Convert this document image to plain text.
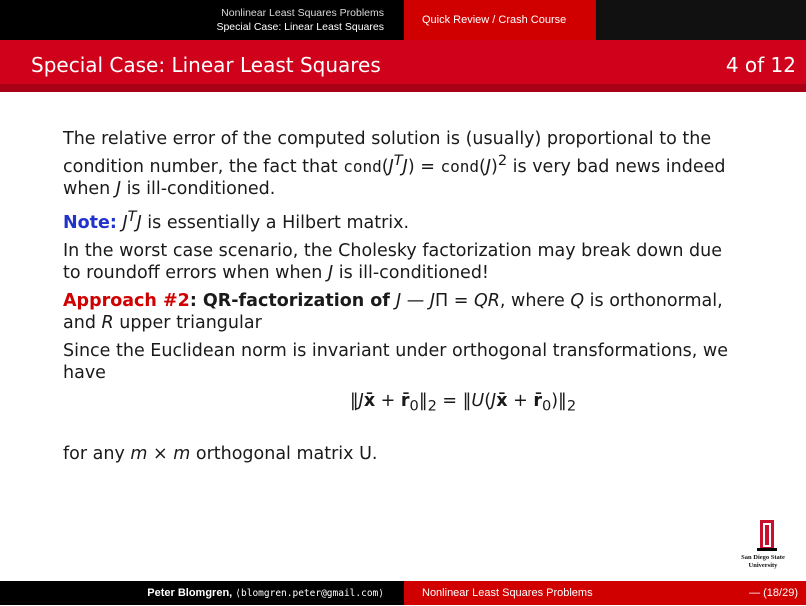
Nonlinear Least Squares Problems
Special Case: Linear Least Squares
Quick Review / Crash Course
Special Case: Linear Least Squares	4 of 12

The relative error of the computed solution is (usually) proportional to the condition number, the fact that $cond(J^TJ)$ = $cond(J)^2$ is very bad news indeed when J is ill-conditioned.

Note: $J^TJ$ is essentially a Hilbert matrix.

In the worst case scenario, the Cholesky factorization may break down due to roundoff errors when when J is ill-conditioned!

Approach #2: QR-factorization of J — JΠ = QR, where Q is orthonormal, and R upper triangular

Since the Euclidean norm is invariant under orthogonal transformations, we have

‖Jx̄ + $r̄_0‖_2$ = ‖U(Jx̄ + $r̄_0)‖_2$

for any m × m orthogonal matrix U.

San Diego State
University
Peter Blomgren, ⟨blomgren.peter@gmail.com⟩	Nonlinear Least Squares Problems	— (18/29)
